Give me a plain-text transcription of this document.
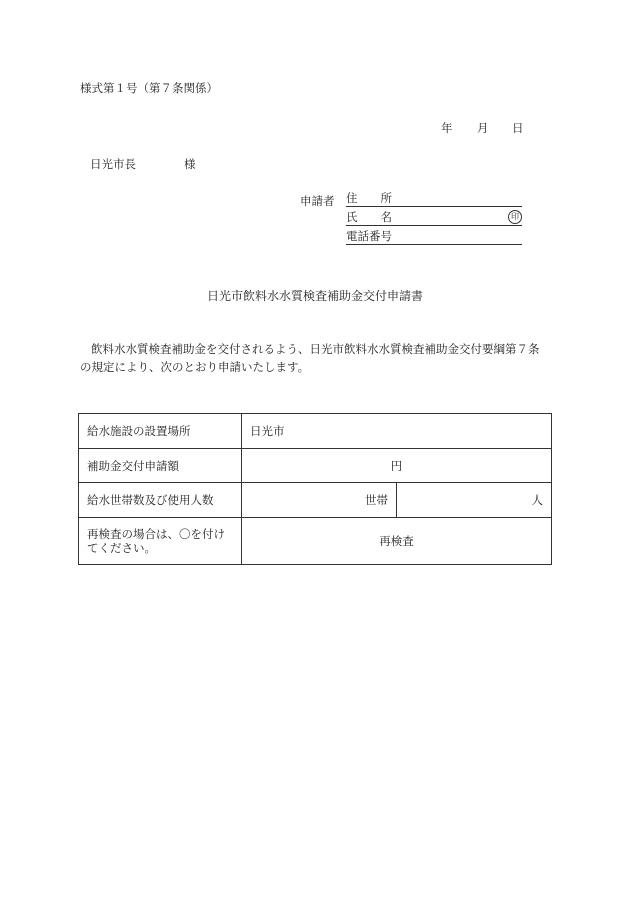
様式第１号（第７条関係）
年 月 日
日光市長	様
申請者 住　　所
氏　　名	印
電話番号
日光市飲料水水質検査補助金交付申請書

飲料水水質検査補助金を交付されるよう、日光市飲料水水質検査補助金交付要綱第７条

の規定により、次のとおり申請いたします。

給水施設の設置場所	日光市	
補助金交付申請額	円	
給水世帯数及び使用人数	世帯	人
再検査の場合は、〇を付けてください。	再検査	
